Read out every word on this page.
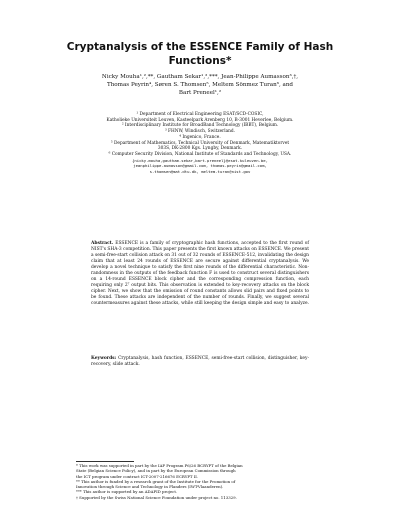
Cryptanalysis of the ESSENCE Family of Hash

Functions*

Nicky Mouha¹,²,**, Gautham Sekar¹,²,***, Jean-Philippe Aumasson³,†,

Thomas Peyrin⁴, Søren S. Thomsen⁵, Meltem Sönmez Turan⁶, and

Bart Preneel¹,²

¹ Department of Electrical Engineering ESAT/SCD-COSIC,

Katholieke Universiteit Leuven, Kasteelpark Arenberg 10, B-3001 Heverlee, Belgium.

² Interdisciplinary Institute for BroadBand Technology (IBBT), Belgium.

³ FHNW, Windisch, Switzerland.

⁴ Ingenico, France.

⁵ Department of Mathematics, Technical University of Denmark, Matematiktorvet

303S, DK-2800 Kgs. Lyngby, Denmark.

⁶ Computer Security Division, National Institute of Standards and Technology, USA.

{nicky.mouha,gautham.sekar,bart.preneel}@esat.kuleuven.be,

jeanphilippe.aumasson@gmail.com, thomas.peyrin@gmail.com,

s.thomsen@mat.dtu.dk, meltem.turan@nist.gov

Abstract. ESSENCE is a family of cryptographic hash functions, accepted to the first round of NIST's SHA-3 competition. This paper presents the first known attacks on ESSENCE. We present a semi-free-start collision attack on 31 out of 32 rounds of ESSENCE-512, invalidating the design claim that at least 24 rounds of ESSENCE are secure against differential cryptanalysis. We develop a novel technique to satisfy the first nine rounds of the differential characteristic. Non-randomness in the outputs of the feedback function F is used to construct several distinguishers on a 14-round ESSENCE block cipher and the corresponding compression function, each requiring only 2⁷ output bits. This observation is extended to key-recovery attacks on the block cipher. Next, we show that the omission of round constants allows slid pairs and fixed points to be found. These attacks are independent of the number of rounds. Finally, we suggest several countermeasures against these attacks, while still keeping the design simple and easy to analyze.
Keywords: Cryptanalysis, hash function, ESSENCE, semi-free-start collision, distinguisher, key-recovery, slide attack.

* This work was supported in part by the IAP Program P6/26 BCRYPT of the Belgian

State (Belgian Science Policy), and in part by the European Commission through

the ICT program under contract ICT-2007-216676 ECRYPT II.

** This author is funded by a research grant of the Institute for the Promotion of

Innovation through Science and Technology in Flanders (IWT-Vlaanderen).

*** This author is supported by an ADAPID project.

† Supported by the Swiss National Science Foundation under project no. 113329.
